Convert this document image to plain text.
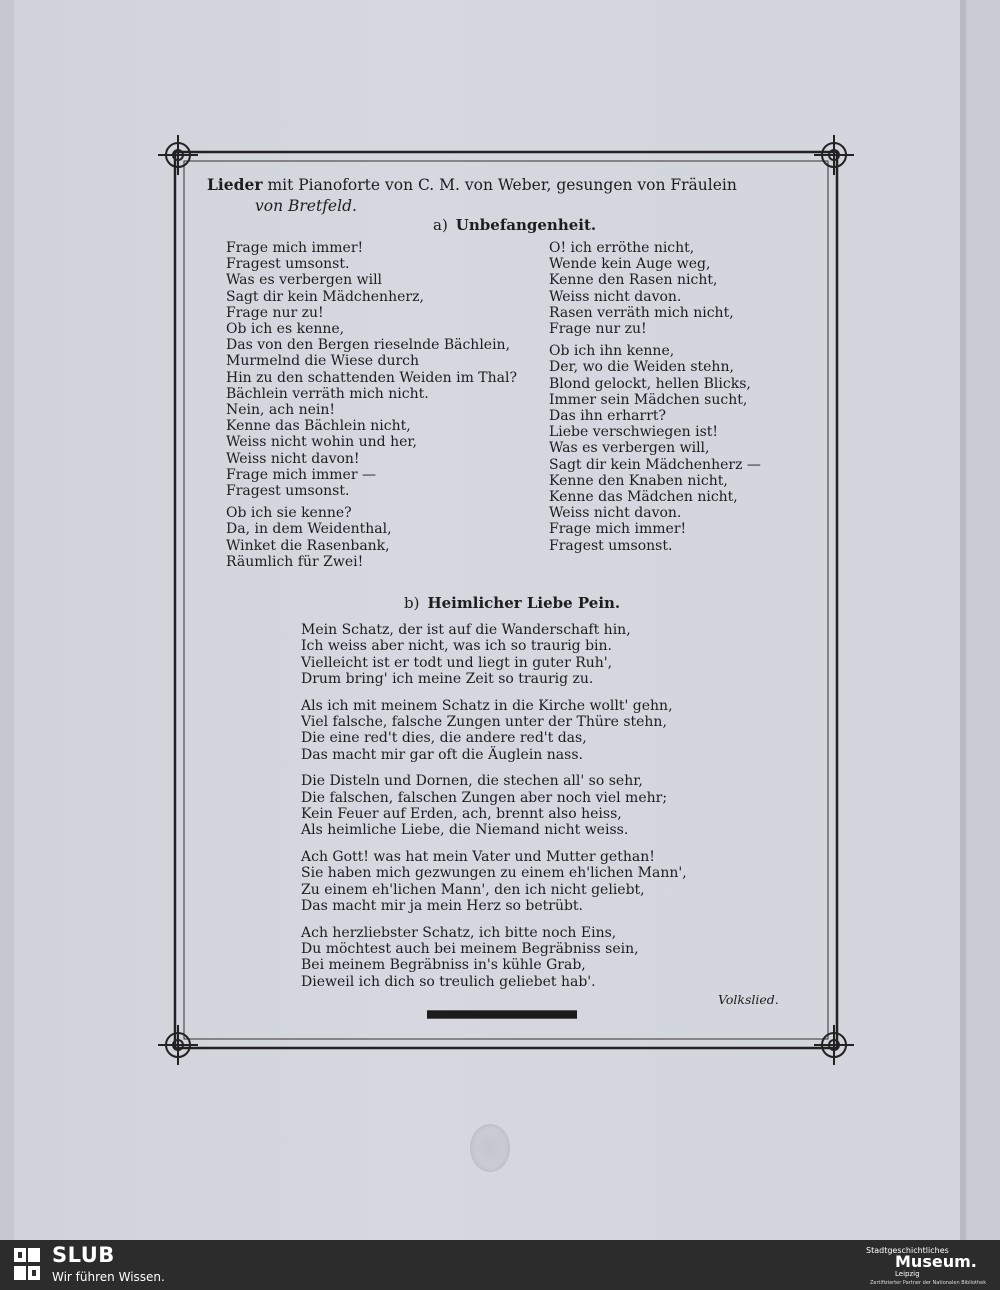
Lieder mit Pianoforte von C. M. von Weber, gesungen von Fräulein
von Bretfeld.
a) Unbefangenheit.
Frage mich immer!
Fragest umsonst.
Was es verbergen will
Sagt dir kein Mädchenherz,
Frage nur zu!
Ob ich es kenne,
Das von den Bergen rieselnde Bächlein,
Murmelnd die Wiese durch
Hin zu den schattenden Weiden im Thal?
Bächlein verräth mich nicht.
Nein, ach nein!
Kenne das Bächlein nicht,
Weiss nicht wohin und her,
Weiss nicht davon!
Frage mich immer —
Fragest umsonst.
Ob ich sie kenne?
Da, in dem Weidenthal,
Winket die Rasenbank,
Räumlich für Zwei!
O! ich erröthe nicht,
Wende kein Auge weg,
Kenne den Rasen nicht,
Weiss nicht davon.
Rasen verräth mich nicht,
Frage nur zu!
Ob ich ihn kenne,
Der, wo die Weiden stehn,
Blond gelockt, hellen Blicks,
Immer sein Mädchen sucht,
Das ihn erharrt?
Liebe verschwiegen ist!
Was es verbergen will,
Sagt dir kein Mädchenherz —
Kenne den Knaben nicht,
Kenne das Mädchen nicht,
Weiss nicht davon.
Frage mich immer!
Fragest umsonst.
b) Heimlicher Liebe Pein.
Mein Schatz, der ist auf die Wanderschaft hin,
Ich weiss aber nicht, was ich so traurig bin.
Vielleicht ist er todt und liegt in guter Ruh',
Drum bring' ich meine Zeit so traurig zu.
Als ich mit meinem Schatz in die Kirche wollt' gehn,
Viel falsche, falsche Zungen unter der Thüre stehn,
Die eine red't dies, die andere red't das,
Das macht mir gar oft die Äuglein nass.
Die Disteln und Dornen, die stechen all' so sehr,
Die falschen, falschen Zungen aber noch viel mehr;
Kein Feuer auf Erden, ach, brennt also heiss,
Als heimliche Liebe, die Niemand nicht weiss.
Ach Gott! was hat mein Vater und Mutter gethan!
Sie haben mich gezwungen zu einem eh'lichen Mann',
Zu einem eh'lichen Mann', den ich nicht geliebt,
Das macht mir ja mein Herz so betrübt.
Ach herzliebster Schatz, ich bitte noch Eins,
Du möchtest auch bei meinem Begräbniss sein,
Bei meinem Begräbniss in's kühle Grab,
Dieweil ich dich so treulich geliebet hab'.
Volkslied.
SLUB
Wir führen Wissen.
Stadtgeschichtliches
Museum.
Leipzig
Zertifizierter Partner der Nationalen Bibliothek
